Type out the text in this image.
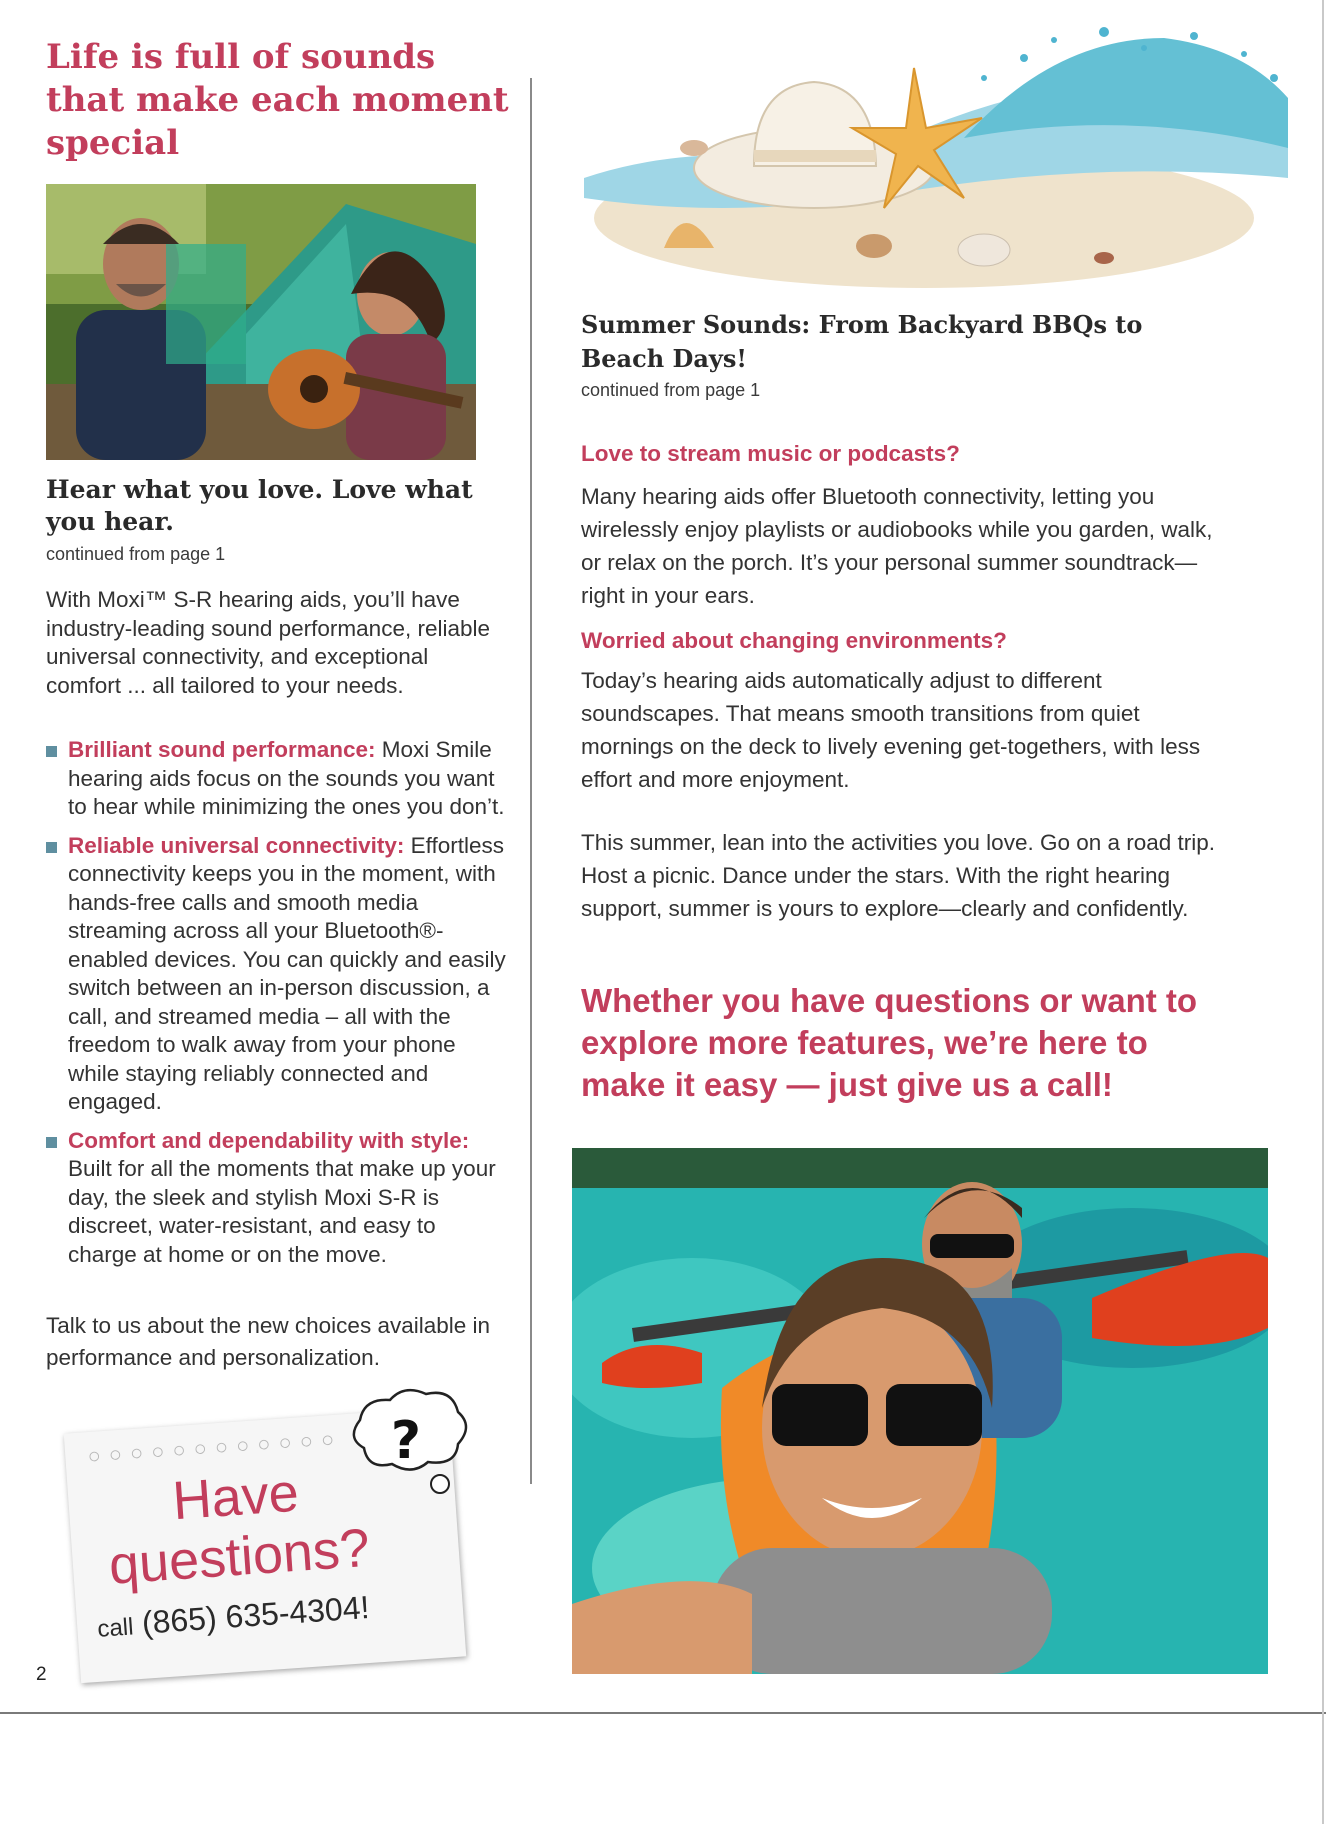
Life is full of sounds that make each moment special
Hear what you love. Love what you hear.
continued from page 1

With Moxi™ S-R hearing aids, you’ll have industry-leading sound performance, reliable universal connectivity, and exceptional comfort ... all tailored to your needs.

Brilliant sound performance: Moxi Smile hearing aids focus on the sounds you want to hear while minimizing the ones you don’t.
Reliable universal connectivity: Effortless connectivity keeps you in the moment, with hands-free calls and smooth media streaming across all your Bluetooth®-enabled devices. You can quickly and easily switch between an in-person discussion, a call, and streamed media – all with the freedom to walk away from your phone while staying reliably connected and engaged.
Comfort and dependability with style: Built for all the moments that make up your day, the sleek and stylish Moxi S-R is discreet, water-resistant, and easy to charge at home or on the move.

Talk to us about the new choices available in performance and personalization.

○ ○ ○ ○ ○ ○ ○ ○ ○ ○ ○ ○
Have
questions?
call (865) 635-4304!
?
2
Summer Sounds: From Backyard BBQs to Beach Days!
continued from page 1
Love to stream music or podcasts?

Many hearing aids offer Bluetooth connectivity, letting you wirelessly enjoy playlists or audiobooks while you garden, walk, or relax on the porch. It’s your personal summer soundtrack—right in your ears.

Worried about changing environments?

Today’s hearing aids automatically adjust to different soundscapes. That means smooth transitions from quiet mornings on the deck to lively evening get-togethers, with less effort and more enjoyment.

This summer, lean into the activities you love. Go on a road trip. Host a picnic. Dance under the stars. With the right hearing support, summer is yours to explore—clearly and confidently.

Whether you have questions or want to explore more features, we’re here to make it easy — just give us a call!
